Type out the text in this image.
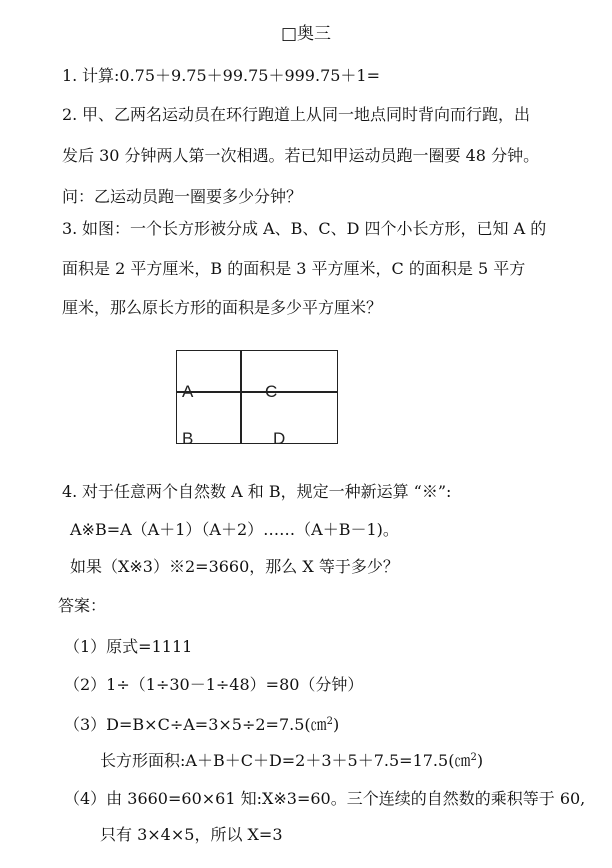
□奥三
1. 计算:0.75＋9.75＋99.75＋999.75＋1=
2. 甲、乙两名运动员在环行跑道上从同一地点同时背向而行跑，出
发后 30 分钟两人第一次相遇。若已知甲运动员跑一圈要 48 分钟。
问：乙运动员跑一圈要多少分钟？
3. 如图：一个长方形被分成 A、B、C、D 四个小长方形，已知 A 的
面积是 2 平方厘米，B 的面积是 3 平方厘米，C 的面积是 5 平方
厘米，那么原长方形的面积是多少平方厘米？
A	C
B	D
4. 对于任意两个自然数 A 和 B，规定一种新运算 “※”:
A※B=A（A＋1）（A＋2）……（A＋B－1)。
如果（X※3）※2=3660，那么 X 等于多少？
答案：
（1）原式=1111
（2）1÷（1÷30－1÷48）=80（分钟）
（3）D=B×C÷A=3×5÷2=7.5(㎝$^2$)
长方形面积:A＋B＋C＋D=2＋3＋5＋7.5=17.5(㎝$^2$)
（4）由 3660=60×61 知:X※3=60。三个连续的自然数的乘积等于 60,
只有 3×4×5，所以 X=3
